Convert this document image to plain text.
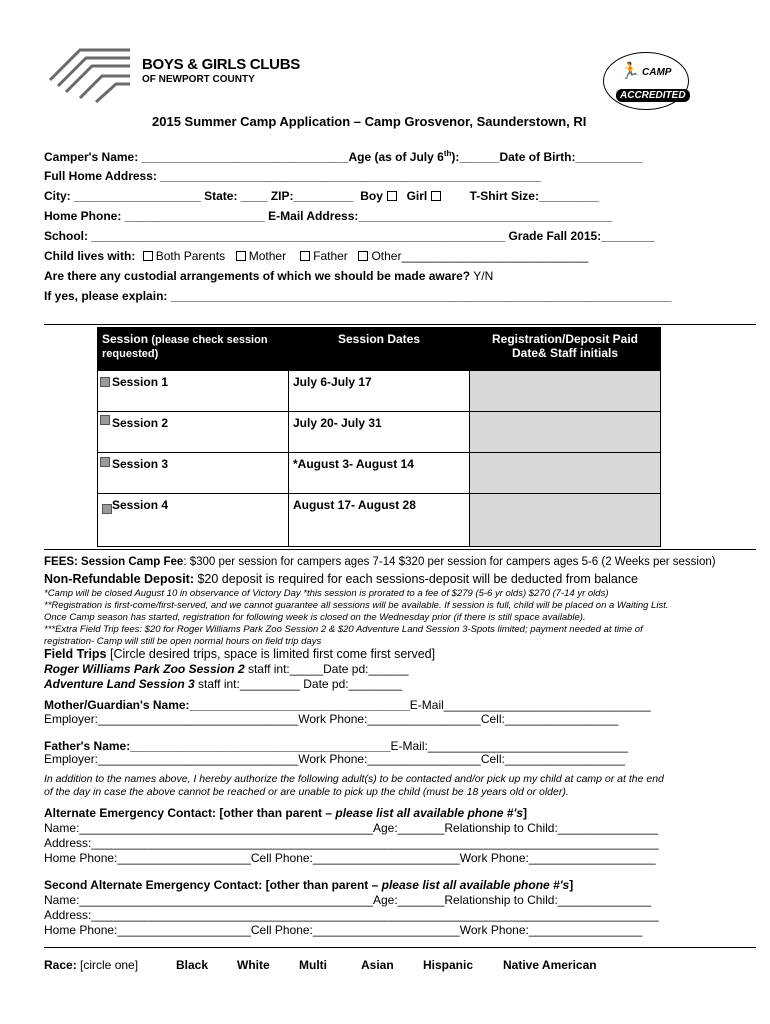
BOYS & GIRLS CLUBS
OF NEWPORT COUNTY
CAMP
🏃
ACCREDITED
2015 Summer Camp Application – Camp Grosvenor, Saunderstown, RI
Camper's Name: _______________________________Age (as of July 6th):______Date of Birth:__________
Full Home Address: _________________________________________________________
City: ___________________ State: ____ ZIP:_________ Boy Girl	T-Shirt Size:_________
Home Phone: _____________________ E-Mail Address:______________________________________
School: ______________________________________________________________ Grade Fall 2015:________
Child lives with: Both Parents Mother Father Other____________________________
Are there any custodial arrangements of which we should be made aware? Y/N
If yes, please explain: ___________________________________________________________________________
Session (please check session requested)	Session Dates	Registration/Deposit Paid Date& Staff initials

Session 1	July 6-July 17	

Session 2	July 20- July 31	

Session 3	*August 3- August 14	

Session 4	August 17- August 28	
FEES: Session Camp Fee: $300 per session for campers ages 7-14 $320 per session for campers ages 5-6 (2 Weeks per session)
Non-Refundable Deposit: $20 deposit is required for each sessions-deposit will be deducted from balance
*Camp will be closed August 10 in observance of Victory Day *this session is prorated to a fee of $279 (5-6 yr olds) $270 (7-14 yr olds)
**Registration is first-come/first-served, and we cannot guarantee all sessions will be available. If session is full, child will be placed on a Waiting List.
Once Camp season has started, registration for following week is closed on the Wednesday prior (if there is still space available).
***Extra Field Trip fees: $20 for Roger Williams Park Zoo Session 2 & $20 Adventure Land Session 3-Spots limited; payment needed at time of
registration- Camp will still be open normal hours on field trip days
Field Trips [Circle desired trips, space is limited first come first served]
Roger Williams Park Zoo Session 2 staff int:_____Date pd:______
Adventure Land Session 3 staff int:_________ Date pd:________
Mother/Guardian's Name:_________________________________E-Mail_______________________________
Employer:______________________________Work Phone:_________________Cell:_________________
Father's Name:_______________________________________E-Mail:______________________________
Employer:______________________________Work Phone:_________________Cell:__________________
In addition to the names above, I hereby authorize the following adult(s) to be contacted and/or pick up my child at camp or at the end
of the day in case the above cannot be reached or are unable to pick up the child (must be 18 years old or older).
Alternate Emergency Contact: [other than parent – please list all available phone #'s]
Name:____________________________________________Age:_______Relationship to Child:_______________
Address:_____________________________________________________________________________________
Home Phone:____________________Cell Phone:______________________Work Phone:___________________
Second Alternate Emergency Contact: [other than parent – please list all available phone #'s]
Name:____________________________________________Age:_______Relationship to Child:______________
Address:_____________________________________________________________________________________
Home Phone:____________________Cell Phone:______________________Work Phone:_________________
Race: [circle one]	Black White Multi	Asian Hispanic Native American
